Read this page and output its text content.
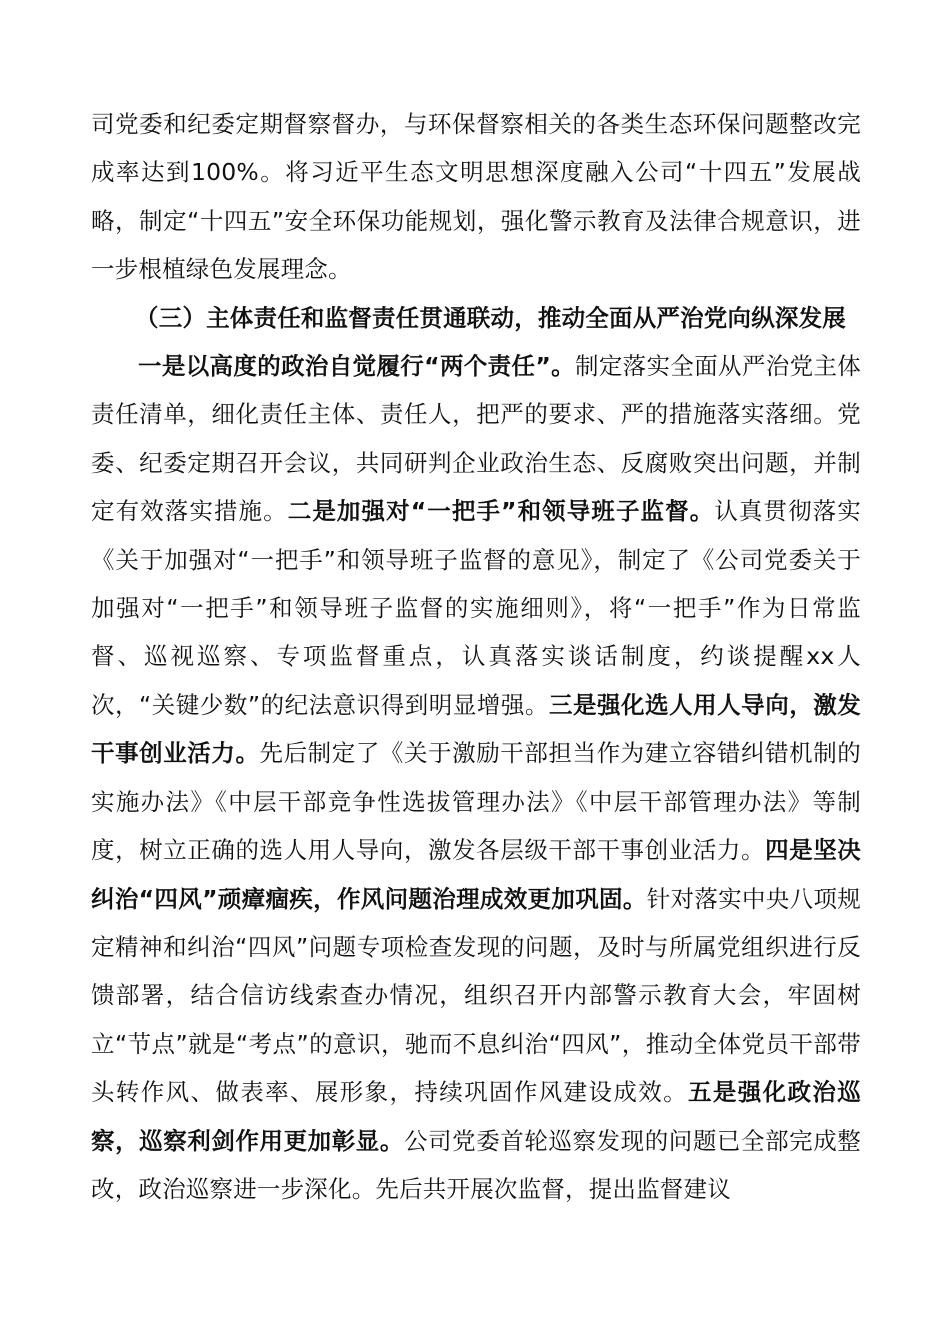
司党委和纪委定期督察督办，与环保督察相关的各类生态环保问题整改完成率达到100%。将习近平生态文明思想深度融入公司“十四五”发展战略，制定“十四五”安全环保功能规划，强化警示教育及法律合规意识，进一步根植绿色发展理念。

（三）主体责任和监督责任贯通联动，推动全面从严治党向纵深发展

一是以高度的政治自觉履行“两个责任”。制定落实全面从严治党主体责任清单，细化责任主体、责任人，把严的要求、严的措施落实落细。党委、纪委定期召开会议，共同研判企业政治生态、反腐败突出问题，并制定有效落实措施。二是加强对“一把手”和领导班子监督。认真贯彻落实《关于加强对“一把手”和领导班子监督的意见》，制定了《公司党委关于加强对“一把手”和领导班子监督的实施细则》，将“一把手”作为日常监督、巡视巡察、专项监督重点，认真落实谈话制度，约谈提醒xx人次，“关键少数”的纪法意识得到明显增强。三是强化选人用人导向，激发干事创业活力。先后制定了《关于激励干部担当作为建立容错纠错机制的实施办法》《中层干部竞争性选拔管理办法》《中层干部管理办法》等制度，树立正确的选人用人导向，激发各层级干部干事创业活力。四是坚决纠治“四风”顽瘴痼疾，作风问题治理成效更加巩固。针对落实中央八项规定精神和纠治“四风”问题专项检查发现的问题，及时与所属党组织进行反馈部署，结合信访线索查办情况，组织召开内部警示教育大会，牢固树立“节点”就是“考点”的意识，驰而不息纠治“四风”，推动全体党员干部带头转作风、做表率、展形象，持续巩固作风建设成效。五是强化政治巡察，巡察利剑作用更加彰显。公司党委首轮巡察发现的问题已全部完成整改，政治巡察进一步深化。先后共开展次监督，提出监督建议
